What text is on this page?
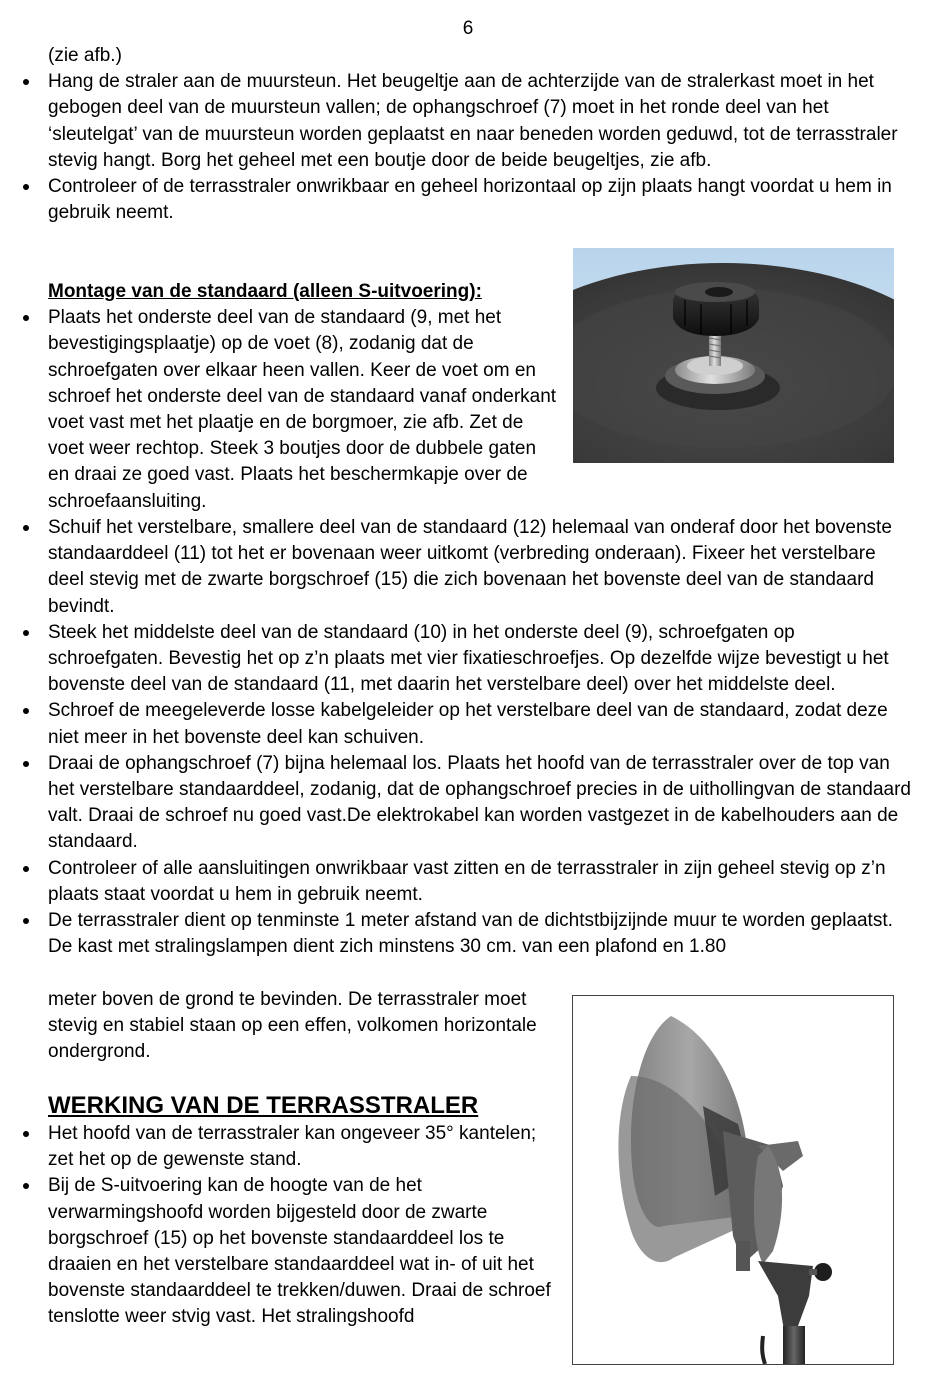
6
(zie afb.)
Hang de straler aan de muursteun. Het beugeltje aan de achterzijde van de stralerkast moet in het gebogen deel van de muursteun vallen; de ophangschroef (7) moet in het ronde deel van het ‘sleutelgat’ van de muursteun worden geplaatst en naar beneden worden geduwd, tot de terrasstraler stevig hangt. Borg het geheel met een boutje door de beide beugeltjes, zie afb.
Controleer of de terrasstraler onwrikbaar en geheel horizontaal op zijn plaats hangt voordat u hem in gebruik neemt.
Montage van de standaard (alleen S-uitvoering):
Plaats het onderste deel van de standaard (9, met het bevestigingsplaatje) op de voet (8), zodanig dat de schroefgaten over elkaar heen vallen. Keer de voet om en schroef het onderste deel van de standaard vanaf onderkant voet vast met het plaatje en de borgmoer, zie afb. Zet de voet weer rechtop. Steek 3 boutjes door de dubbele gaten en draai ze goed vast. Plaats het beschermkapje over de schroefaansluiting.
Schuif het verstelbare, smallere deel van de standaard (12) helemaal van onderaf door het bovenste standaarddeel (11) tot het er bovenaan weer uitkomt (verbreding onderaan). Fixeer het verstelbare deel stevig met de zwarte borgschroef (15) die zich bovenaan het bovenste deel van de standaard bevindt.
Steek het middelste deel van de standaard (10) in het onderste deel (9), schroefgaten op schroefgaten. Bevestig het op z’n plaats met vier fixatieschroefjes. Op dezelfde wijze bevestigt u het bovenste deel van de standaard (11, met daarin het verstelbare deel) over het middelste deel.
Schroef de meegeleverde losse kabelgeleider op het verstelbare deel van de standaard, zodat deze niet meer in het bovenste deel kan schuiven.
Draai de ophangschroef (7) bijna helemaal los. Plaats het hoofd van de terrasstraler over de top van het verstelbare standaarddeel, zodanig, dat de ophangschroef precies in de uithollingvan de standaard valt. Draai de schroef nu goed vast.De elektrokabel kan worden vastgezet in de kabelhouders aan de standaard.
Controleer of alle aansluitingen onwrikbaar vast zitten en de terrasstraler in zijn geheel stevig op z’n plaats staat voordat u hem in gebruik neemt.
De terrasstraler dient op tenminste 1 meter afstand van de dichtstbijzijnde muur te worden geplaatst. De kast met stralingslampen dient zich minstens 30 cm. van een plafond en 1.80
meter boven de grond te bevinden. De terrasstraler moet stevig en stabiel staan op een effen, volkomen horizontale ondergrond.
WERKING VAN DE TERRASSTRALER
Het hoofd van de terrasstraler kan ongeveer 35° kantelen; zet het op de gewenste stand.
Bij de S-uitvoering kan de hoogte van de het verwarmingshoofd worden bijgesteld door de zwarte borgschroef (15) op het bovenste standaarddeel los te draaien en het verstelbare standaarddeel wat in- of uit het bovenste standaarddeel te trekken/duwen. Draai de schroef tenslotte weer stvig vast. Het stralingshoofd
